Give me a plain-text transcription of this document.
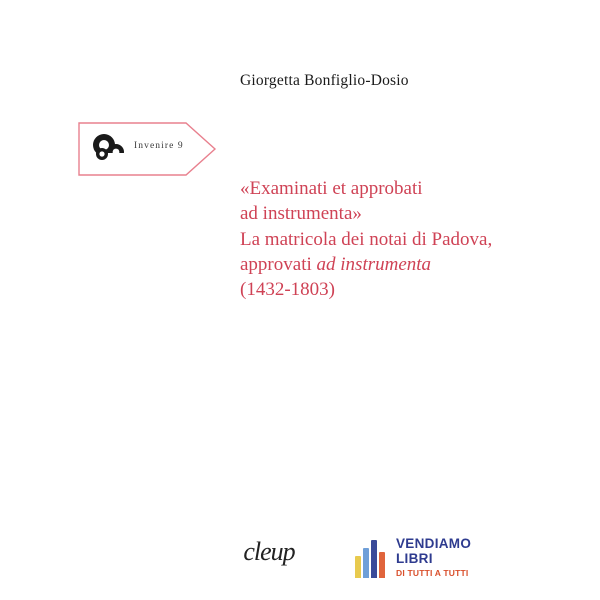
Giorgetta Bonfiglio-Dosio
Invenire 9
«Examinati et approbati
ad instrumenta»
La matricola dei notai di Padova,
approvati ad instrumenta
(1432-1803)
cleup	VENDIAMO
LIBRI
DI TUTTI A TUTTI
